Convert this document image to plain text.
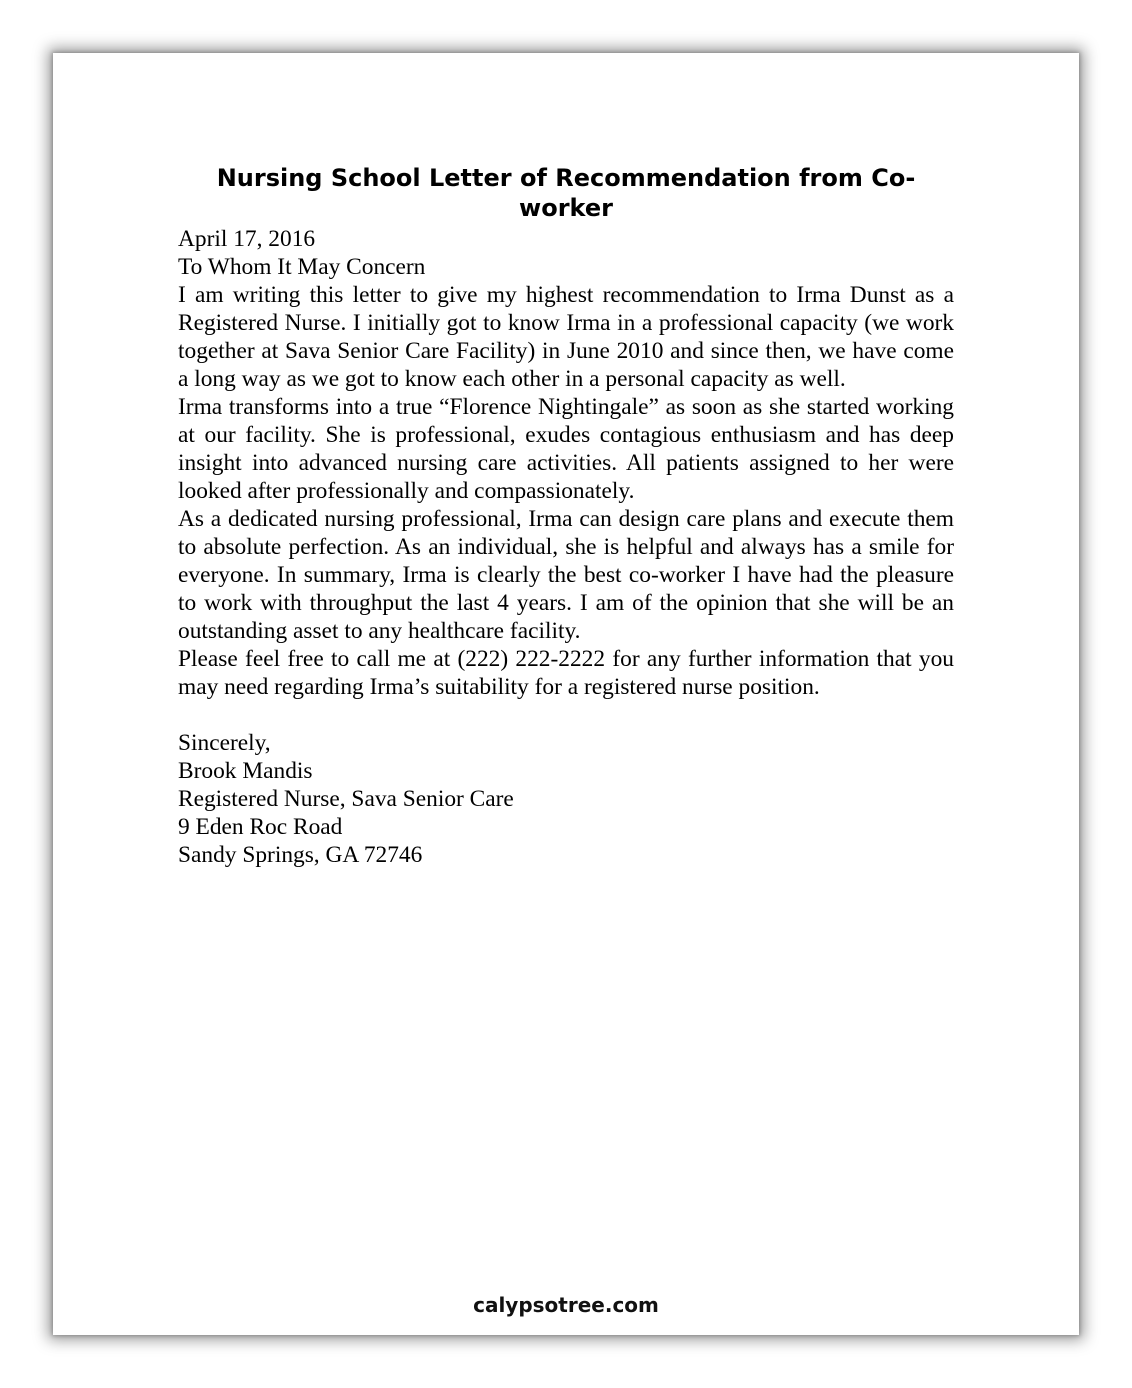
Nursing School Letter of Recommendation from Co-worker

April 17, 2016

To Whom It May Concern

I am writing this letter to give my highest recommendation to Irma Dunst as a Registered Nurse. I initially got to know Irma in a professional capacity (we work together at Sava Senior Care Facility) in June 2010 and since then, we have come a long way as we got to know each other in a personal capacity as well.

Irma transforms into a true “Florence Nightingale” as soon as she started working at our facility. She is professional, exudes contagious enthusiasm and has deep insight into advanced nursing care activities. All patients assigned to her were looked after professionally and compassionately.

As a dedicated nursing professional, Irma can design care plans and execute them to absolute perfection. As an individual, she is helpful and always has a smile for everyone. In summary, Irma is clearly the best co-worker I have had the pleasure to work with throughput the last 4 years. I am of the opinion that she will be an outstanding asset to any healthcare facility.

Please feel free to call me at (222) 222-2222 for any further information that you may need regarding Irma’s suitability for a registered nurse position.

Sincerely,

Brook Mandis

Registered Nurse, Sava Senior Care

9 Eden Roc Road

Sandy Springs, GA 72746

calypsotree.com
